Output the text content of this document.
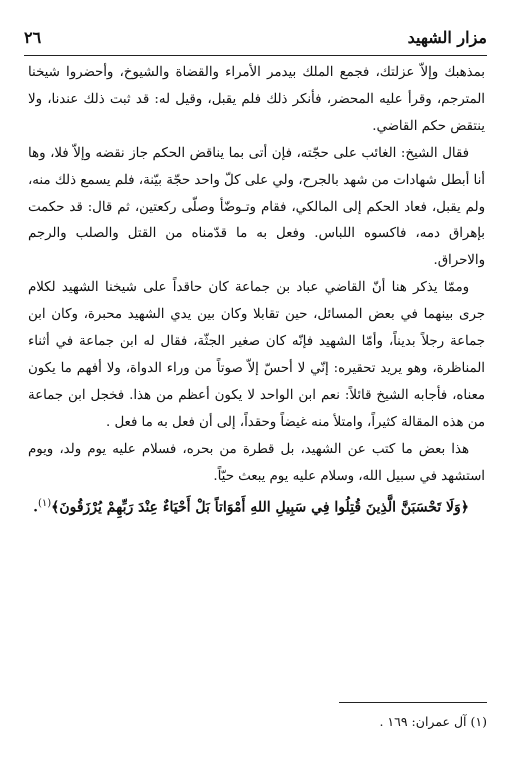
مزار الشهيد
٢٦

بمذهبك وإلاّ عزلتك، فجمع الملك بيدمر الأمراء والقضاة والشيوخ، وأحضروا شيخنا المترجم، وقرأ عليه المحضر، فأنكر ذلك فلم يقبل، وقيل له: قد ثبت ذلك عندنا، ولا ينتقض حكم القاضي.

فقال الشيخ: الغائب على حجّته، فإن أتى بما يناقض الحكم جاز نقضه وإلاّ فلا، وها أنا أبطل شهادات من شهد بالجرح، ولي على كلّ واحد حجّة بيّنة، فلم يسمع ذلك منه، ولم يقبل، فعاد الحكم إلى المالكي، فقام وتـوضّأ وصلّى ركعتين، ثم قال: قد حكمت بإهراق دمه، فاكسوه اللباس. وفعل به ما قدّمناه من القتل والصلب والرجم والاحراق.

وممّا يذكر هنا أنّ القاضي عباد بن جماعة كان حاقداً على شيخنا الشهيد لكلام جرى بينهما في بعض المسائل، حين تقابلا وكان بين يدي الشهيد محبرة، وكان ابن جماعة رجلاً بديناً، وأمّا الشهيد فإنّه كان صغير الجثّة، فقال له ابن جماعة في أثناء المناظرة، وهو يريد تحقيره: إنّي لا أحسّ إلاّ صوتاً من وراء الدواة، ولا أفهم ما يكون معناه، فأجابه الشيخ قائلاً: نعم ابن الواحد لا يكون أعظم من هذا. فخجل ابن جماعة من هذه المقالة كثيراً، وامتلأ منه غيضاً وحقداً، إلى أن فعل به ما فعل .

هذا بعض ما كتب عن الشهيد، بل قطرة من بحره، فسلام عليه يوم ولد، ويوم استشهد في سبيل الله، وسلام عليه يوم يبعث حيّاً.

﴿وَلَا تَحْسَبَنَّ الَّذِينَ قُتِلُوا فِي سَبِيلِ اللهِ أَمْوَاتاً بَلْ أَحْيَاءٌ عِنْدَ رَبِّهِمْ يُرْزَقُونَ﴾$^{(١)}$.

(١) آل عمران: ١٦٩ .
